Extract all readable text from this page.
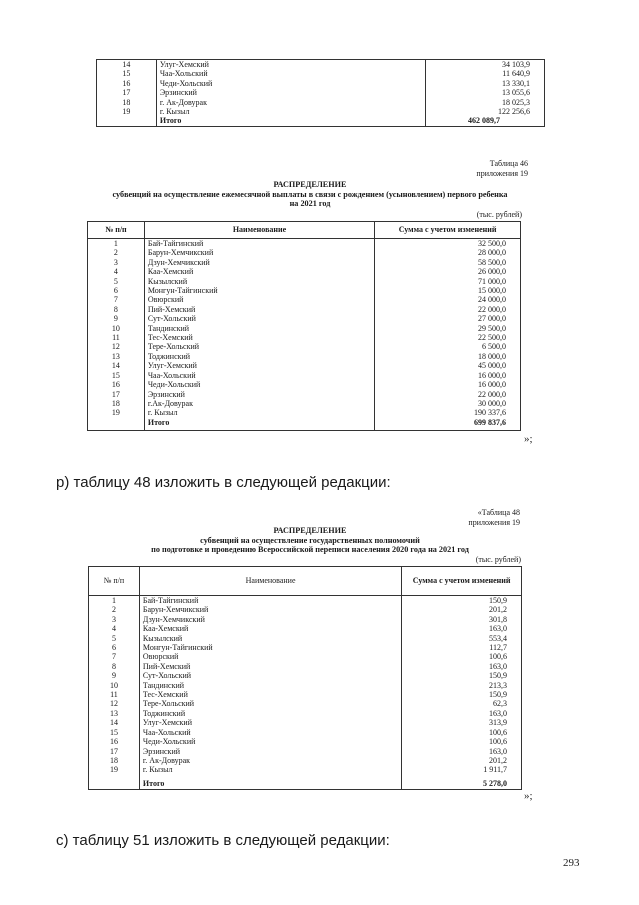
14	Улуг-Хемский	34 103,9
15	Чаа-Хольский	11 640,9
16	Чеди-Хольский	13 330,1
17	Эрзинский	13 055,6
18	г. Ак-Довурак	18 025,3
19	г. Кызыл	122 256,6
	Итого	462 089,7
Таблица 46
приложения 19
РАСПРЕДЕЛЕНИЕ
субвенций на осуществление ежемесячной выплаты в связи с рождением (усыновлением) первого ребенка
на 2021 год
(тыс. рублей)
№ п/п	Наименование	Сумма с учетом изменений
1	Бай-Тайгинский	32 500,0
2	Барун-Хемчикский	28 000,0
3	Дзун-Хемчикский	58 500,0
4	Каа-Хемский	26 000,0
5	Кызылский	71 000,0
6	Монгун-Тайгинский	15 000,0
7	Овюрский	24 000,0
8	Пий-Хемский	22 000,0
9	Сут-Хольский	27 000,0
10	Тандинский	29 500,0
11	Тес-Хемский	22 500,0
12	Тере-Хольский	6 500,0
13	Тоджинский	18 000,0
14	Улуг-Хемский	45 000,0
15	Чаа-Хольский	16 000,0
16	Чеди-Хольский	16 000,0
17	Эрзинский	22 000,0
18	г.Ак-Довурак	30 000,0
19	г. Кызыл	190 337,6
	Итого	699 837,6
»;
р) таблицу 48 изложить в следующей редакции:
«Таблица 48
приложения 19
РАСПРЕДЕЛЕНИЕ
субвенций на осуществление государственных полномочий
по подготовке и проведению Всероссийской переписи населения 2020 года на 2021 год
(тыс. рублей)
№ п/п	Наименование	Сумма с учетом изменений
1	Бай-Тайгинский	150,9
2	Барун-Хемчикский	201,2
3	Дзун-Хемчикский	301,8
4	Каа-Хемский	163,0
5	Кызылский	553,4
6	Монгун-Тайгинский	112,7
7	Овюрский	100,6
8	Пий-Хемский	163,0
9	Сут-Хольский	150,9
10	Тандинский	213,3
11	Тес-Хемский	150,9
12	Тере-Хольский	62,3
13	Тоджинский	163,0
14	Улуг-Хемский	313,9
15	Чаа-Хольский	100,6
16	Чеди-Хольский	100,6
17	Эрзинский	163,0
18	г. Ак-Довурак	201,2
19	г. Кызыл	1 911,7
	Итого	5 278,0
»;
с) таблицу 51 изложить в следующей редакции:
293
